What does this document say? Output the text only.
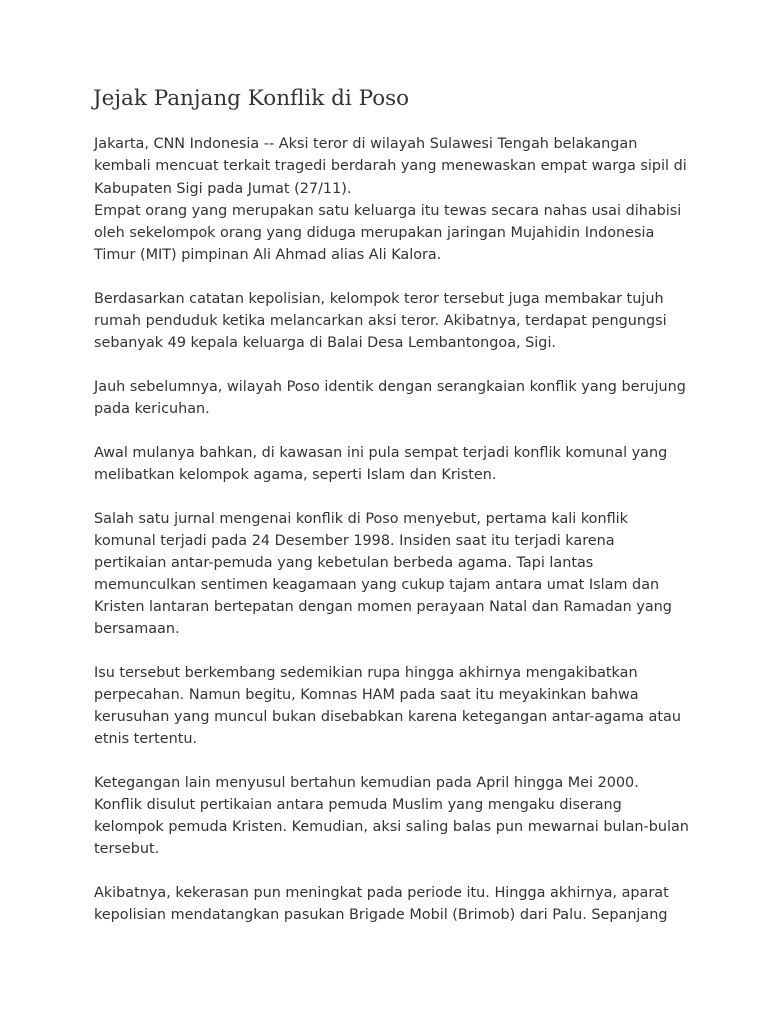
Jejak Panjang Konflik di Poso
Jakarta, CNN Indonesia -- Aksi teror di wilayah Sulawesi Tengah belakangan
kembali mencuat terkait tragedi berdarah yang menewaskan empat warga sipil di
Kabupaten Sigi pada Jumat (27/11).
Empat orang yang merupakan satu keluarga itu tewas secara nahas usai dihabisi
oleh sekelompok orang yang diduga merupakan jaringan Mujahidin Indonesia
Timur (MIT) pimpinan Ali Ahmad alias Ali Kalora.
Berdasarkan catatan kepolisian, kelompok teror tersebut juga membakar tujuh
rumah penduduk ketika melancarkan aksi teror. Akibatnya, terdapat pengungsi
sebanyak 49 kepala keluarga di Balai Desa Lembantongoa, Sigi.
Jauh sebelumnya, wilayah Poso identik dengan serangkaian konflik yang berujung
pada kericuhan.
Awal mulanya bahkan, di kawasan ini pula sempat terjadi konflik komunal yang
melibatkan kelompok agama, seperti Islam dan Kristen.
Salah satu jurnal mengenai konflik di Poso menyebut, pertama kali konflik
komunal terjadi pada 24 Desember 1998. Insiden saat itu terjadi karena
pertikaian antar-pemuda yang kebetulan berbeda agama. Tapi lantas
memunculkan sentimen keagamaan yang cukup tajam antara umat Islam dan
Kristen lantaran bertepatan dengan momen perayaan Natal dan Ramadan yang
bersamaan.
Isu tersebut berkembang sedemikian rupa hingga akhirnya mengakibatkan
perpecahan. Namun begitu, Komnas HAM pada saat itu meyakinkan bahwa
kerusuhan yang muncul bukan disebabkan karena ketegangan antar-agama atau
etnis tertentu.
Ketegangan lain menyusul bertahun kemudian pada April hingga Mei 2000.
Konflik disulut pertikaian antara pemuda Muslim yang mengaku diserang
kelompok pemuda Kristen. Kemudian, aksi saling balas pun mewarnai bulan-bulan
tersebut.
Akibatnya, kekerasan pun meningkat pada periode itu. Hingga akhirnya, aparat
kepolisian mendatangkan pasukan Brigade Mobil (Brimob) dari Palu. Sepanjang
